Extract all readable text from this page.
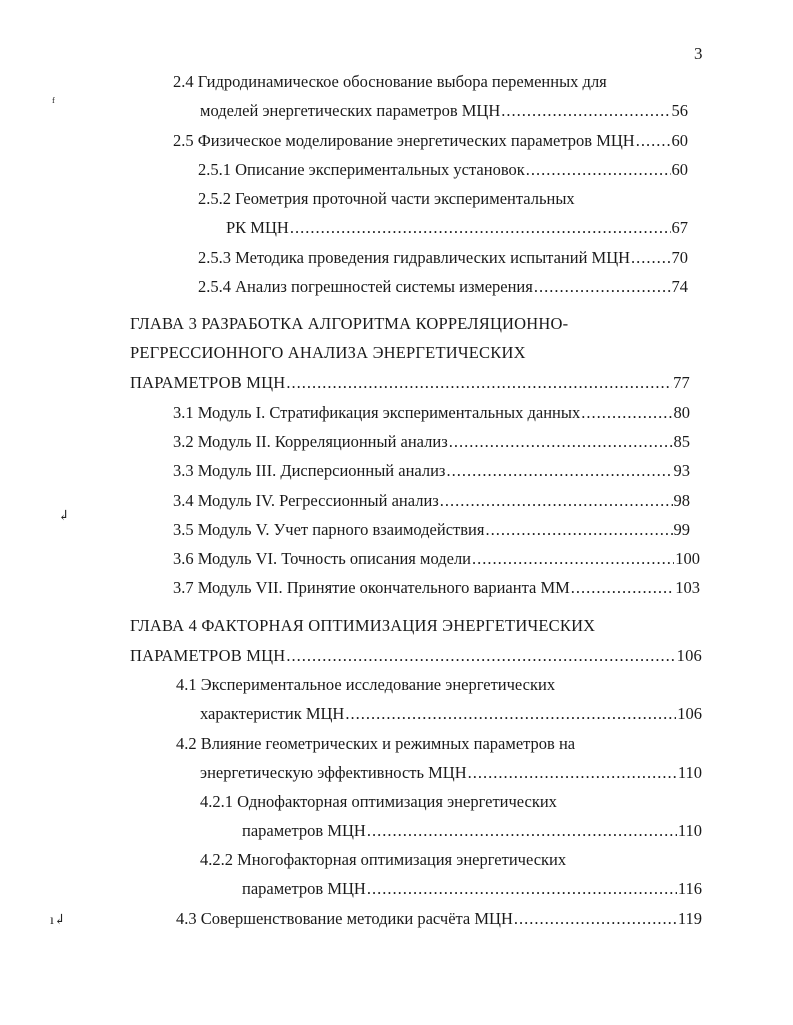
3
ᶠ
↲
ı↲
2.4 Гидродинамическое обоснование выбора переменных для
моделей энергетических параметров МЦН .....	56
2.5 Физическое моделирование энергетических параметров МЦН ..... 60
2.5.1 Описание экспериментальных установок .....	60
2.5.2 Геометрия проточной части экспериментальных
РК МЦН .....	67
2.5.3 Методика проведения гидравлических испытаний МЦН .....	70
2.5.4 Анализ погрешностей системы измерения .....	74
ГЛАВА 3 РАЗРАБОТКА АЛГОРИТМА КОРРЕЛЯЦИОННО-
РЕГРЕССИОННОГО АНАЛИЗА ЭНЕРГЕТИЧЕСКИХ
ПАРАМЕТРОВ МЦН .....	77
3.1 Модуль I. Стратификация экспериментальных данных .....	80
3.2 Модуль II. Корреляционный анализ .....	85
3.3 Модуль III. Дисперсионный анализ .....	93
3.4 Модуль IV. Регрессионный анализ .....	98
3.5 Модуль V. Учет парного взаимодействия .....	99
3.6 Модуль VI. Точность описания модели .....	100
3.7 Модуль VII. Принятие окончательного варианта ММ .....	103
ГЛАВА 4 ФАКТОРНАЯ ОПТИМИЗАЦИЯ ЭНЕРГЕТИЧЕСКИХ
ПАРАМЕТРОВ МЦН .....	106
4.1 Экспериментальное исследование энергетических
характеристик МЦН .....	106
4.2 Влияние геометрических и режимных параметров на
энергетическую эффективность МЦН .....	110
4.2.1 Однофакторная оптимизация энергетических
параметров МЦН .....	110
4.2.2 Многофакторная оптимизация энергетических
параметров МЦН .....	116
4.3 Совершенствование методики расчёта МЦН .....	119
